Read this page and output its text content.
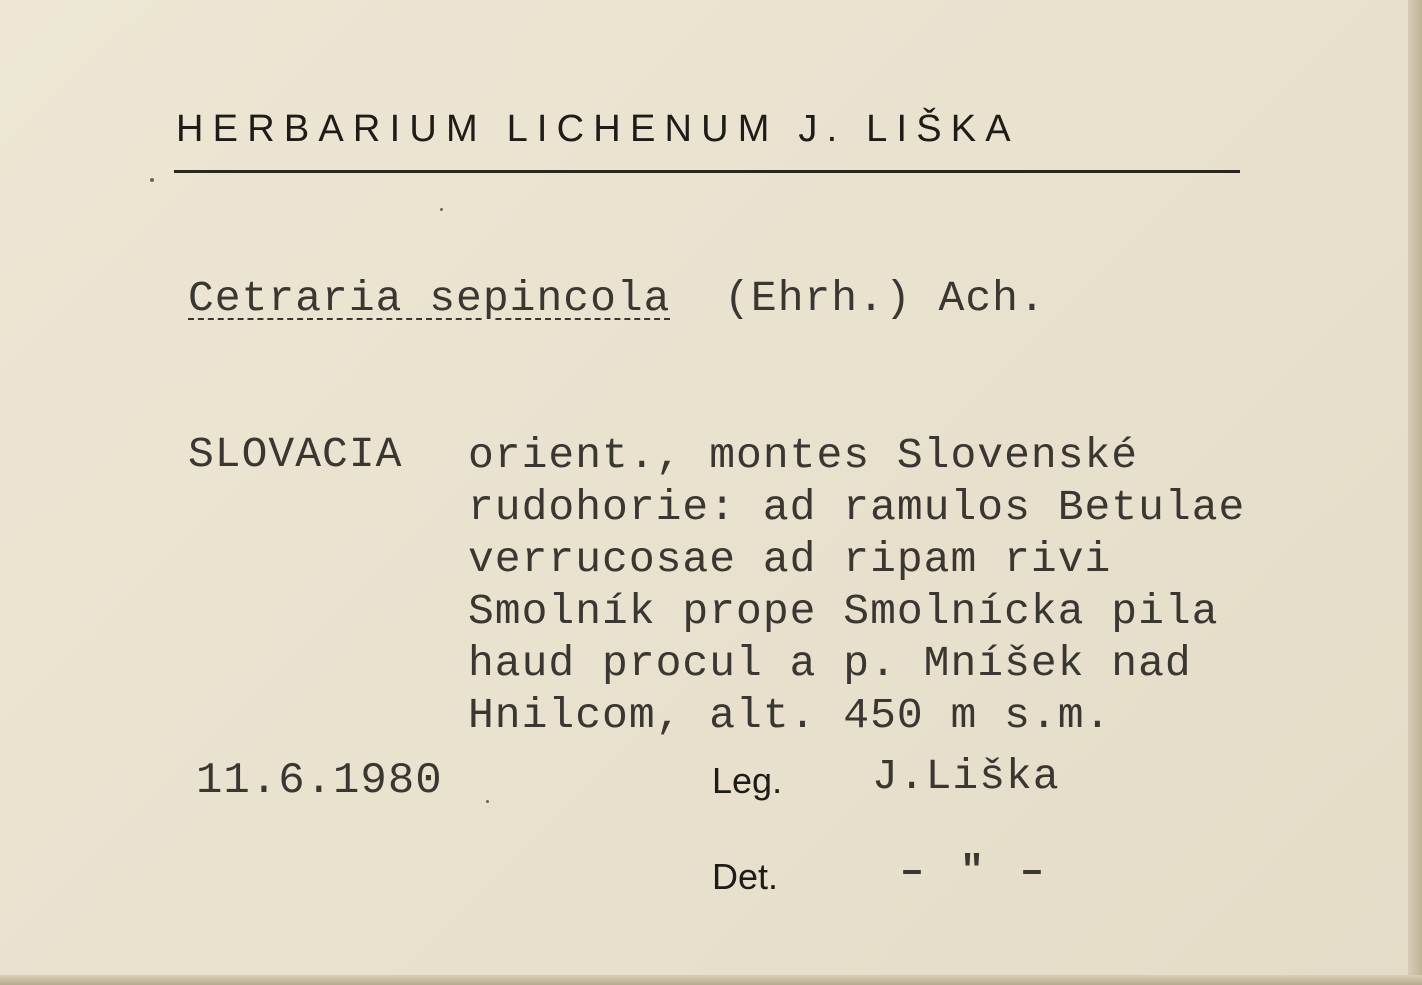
HERBARIUM LICHENUM J. LIŠKA
Cetraria sepincola (Ehrh.) Ach.
SLOVACIA orient., montes Slovenské
rudohorie: ad ramulos Betulae
verrucosae ad ripam rivi
Smolník prope Smolnícka pila
haud procul a p. Mníšek nad
Hnilcom, alt. 450 m s.m.
11.6.1980	Leg. J.Liška
Det.	– " –
